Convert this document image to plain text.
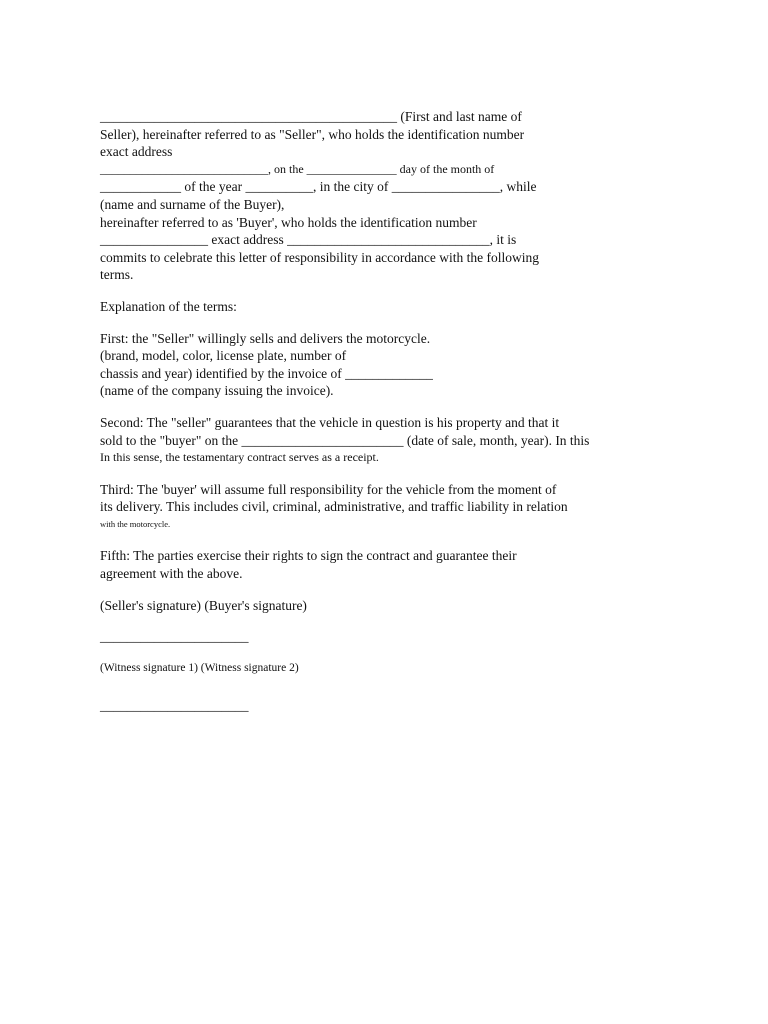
____________________________________________ (First and last name of
Seller), hereinafter referred to as "Seller", who holds the identification number
exact address
____________________________, on the _______________ day of the month of
____________ of the year __________, in the city of ________________, while
(name and surname of the Buyer),
hereinafter referred to as 'Buyer', who holds the identification number
________________ exact address ______________________________, it is
commits to celebrate this letter of responsibility in accordance with the following
terms.
Explanation of the terms:
First: the "Seller" willingly sells and delivers the motorcycle.
(brand, model, color, license plate, number of
chassis and year) identified by the invoice of _____________
(name of the company issuing the invoice).
Second: The "seller" guarantees that the vehicle in question is his property and that it
sold to the "buyer" on the ________________________ (date of sale, month, year). In this
In this sense, the testamentary contract serves as a receipt.
Third: The 'buyer' will assume full responsibility for the vehicle from the moment of
its delivery. This includes civil, criminal, administrative, and traffic liability in relation
with the motorcycle.
Fifth: The parties exercise their rights to sign the contract and guarantee their
agreement with the above.
(Seller's signature) (Buyer's signature)
______________________
(Witness signature 1) (Witness signature 2)
______________________
